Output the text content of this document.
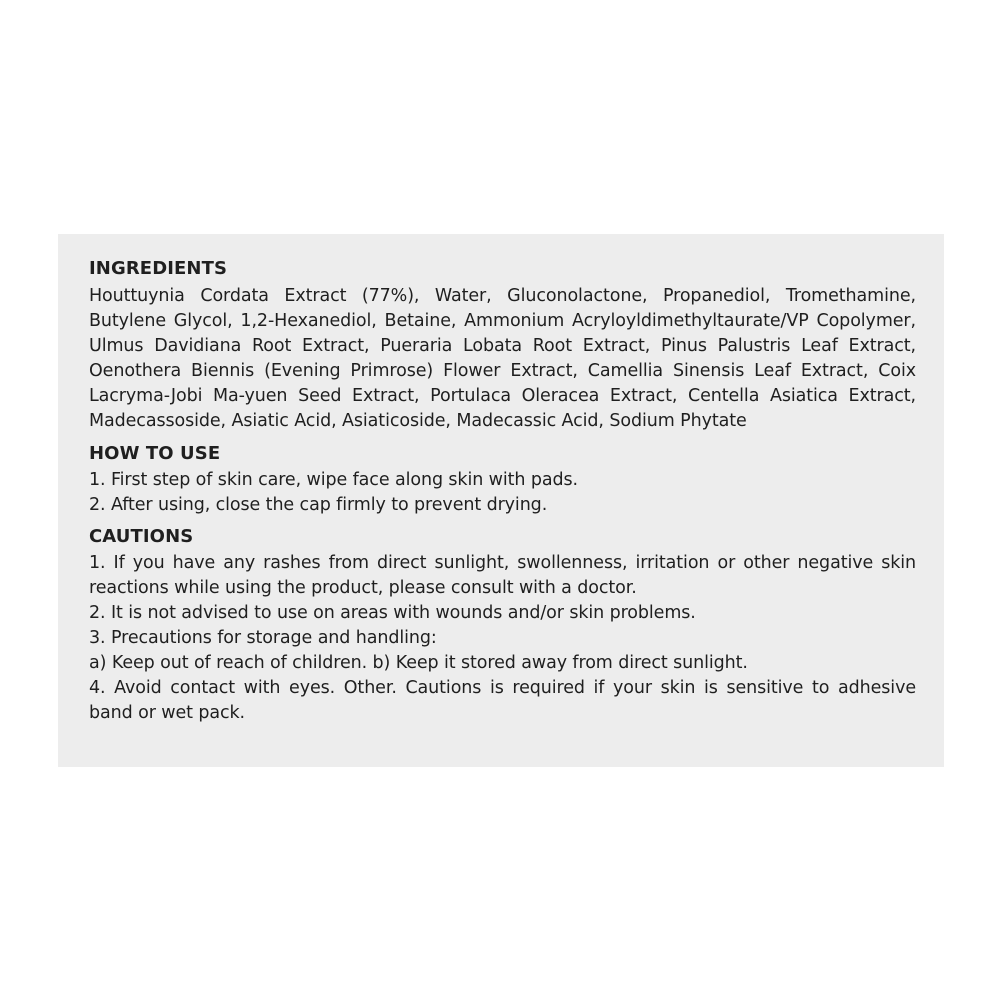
INGREDIENTS

Houttuynia Cordata Extract (77%), Water, Gluconolactone, Propanediol, Tromethamine, Butylene Glycol, 1,2-Hexanediol, Betaine, Ammonium Acryloyldimethyltaurate/VP Copolymer, Ulmus Davidiana Root Extract, Pueraria Lobata Root Extract, Pinus Palustris Leaf Extract, Oenothera Biennis (Evening Primrose) Flower Extract, Camellia Sinensis Leaf Extract, Coix Lacryma-Jobi Ma-yuen Seed Extract, Portulaca Oleracea Extract, Centella Asiatica Extract, Madecassoside, Asiatic Acid, Asiaticoside, Madecassic Acid, Sodium Phytate

HOW TO USE
1. First step of skin care, wipe face along skin with pads.
2. After using, close the cap firmly to prevent drying.
CAUTIONS
1. If you have any rashes from direct sunlight, swollenness, irritation or other negative skin reactions while using the product, please consult with a doctor.
2. It is not advised to use on areas with wounds and/or skin problems.
3. Precautions for storage and handling:
a) Keep out of reach of children. b) Keep it stored away from direct sunlight.
4. Avoid contact with eyes. Other. Cautions is required if your skin is sensitive to adhesive band or wet pack.
